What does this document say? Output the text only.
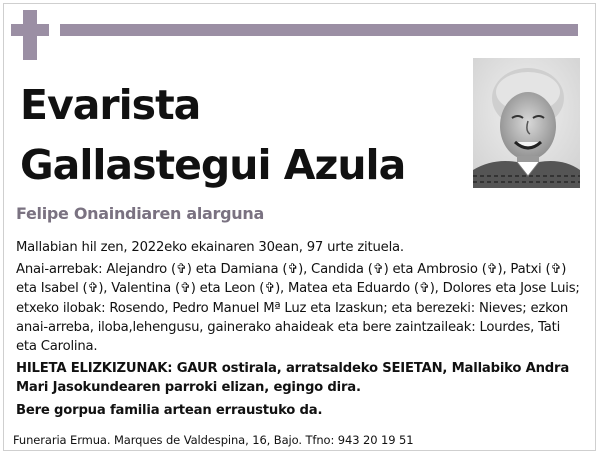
Evarista
Gallastegui Azula
Felipe Onaindiaren alarguna

Mallabian hil zen, 2022eko ekainaren 30ean, 97 urte zituela.

Anai-arrebak: Alejandro (✞) eta Damiana (✞), Candida (✞) eta Ambrosio (✞), Patxi (✞) eta Isabel (✞), Valentina (✞) eta Leon (✞), Matea eta Eduardo (✞), Dolores eta Jose Luis; etxeko ilobak: Rosendo, Pedro Manuel Mª Luz eta Izaskun; eta berezeki: Nieves; ezkon anai-arreba, iloba,lehengusu, gainerako ahaideak eta bere zaintzaileak: Lourdes, Tati eta Carolina.

HILETA ELIZKIZUNAK: GAUR ostirala, arratsaldeko SEIETAN, Mallabiko Andra Mari Jasokundearen parroki elizan, egingo dira.

Bere gorpua familia artean erraustuko da.

Funeraria Ermua. Marques de Valdespina, 16, Bajo. Tfno: 943 20 19 51
